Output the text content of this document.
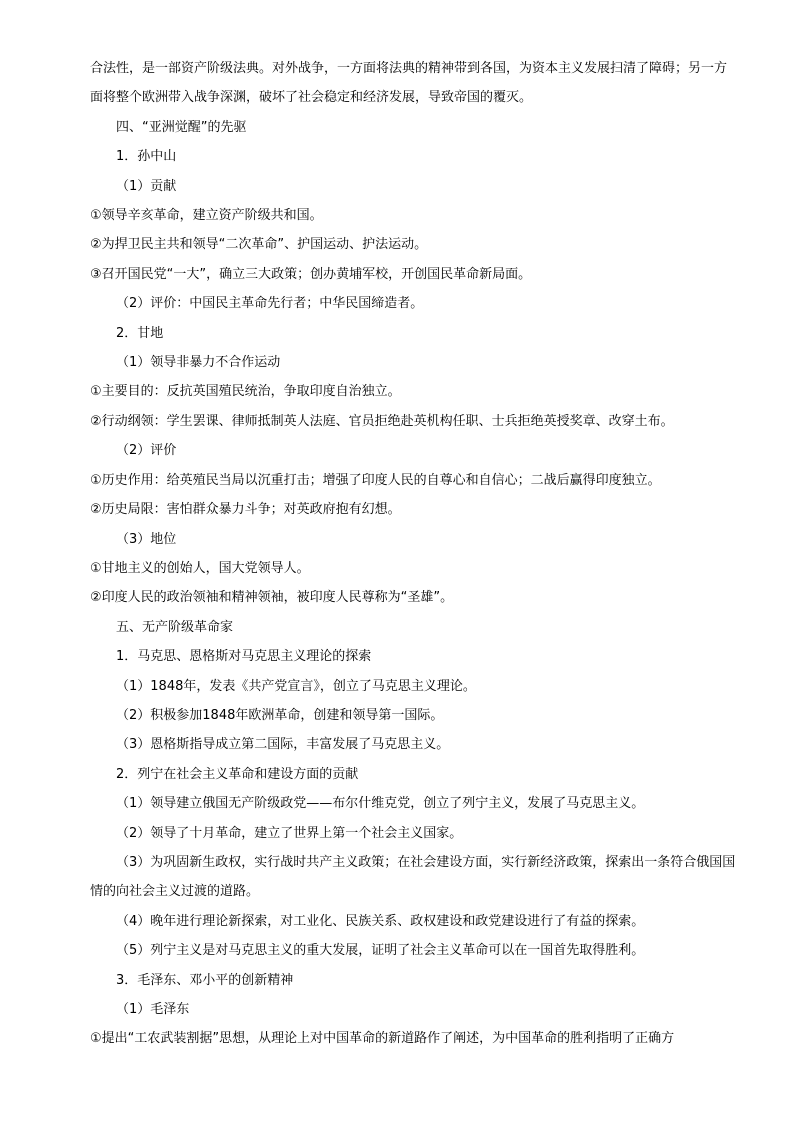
合法性，是一部资产阶级法典。对外战争，一方面将法典的精神带到各国，为资本主义发展扫清了障碍；另一方面将整个欧洲带入战争深渊，破坏了社会稳定和经济发展，导致帝国的覆灭。

四、“亚洲觉醒”的先驱

1．孙中山

（1）贡献

①领导辛亥革命，建立资产阶级共和国。

②为捍卫民主共和领导“二次革命”、护国运动、护法运动。

③召开国民党“一大”，确立三大政策；创办黄埔军校，开创国民革命新局面。

（2）评价：中国民主革命先行者；中华民国缔造者。

2．甘地

（1）领导非暴力不合作运动

①主要目的：反抗英国殖民统治，争取印度自治独立。

②行动纲领：学生罢课、律师抵制英人法庭、官员拒绝赴英机构任职、士兵拒绝英授奖章、改穿土布。

（2）评价

①历史作用：给英殖民当局以沉重打击；增强了印度人民的自尊心和自信心；二战后赢得印度独立。

②历史局限：害怕群众暴力斗争；对英政府抱有幻想。

（3）地位

①甘地主义的创始人，国大党领导人。

②印度人民的政治领袖和精神领袖，被印度人民尊称为“圣雄”。

五、无产阶级革命家

1．马克思、恩格斯对马克思主义理论的探索

（1）1848年，发表《共产党宣言》，创立了马克思主义理论。

（2）积极参加1848年欧洲革命，创建和领导第一国际。

（3）恩格斯指导成立第二国际，丰富发展了马克思主义。

2．列宁在社会主义革命和建设方面的贡献

（1）领导建立俄国无产阶级政党——布尔什维克党，创立了列宁主义，发展了马克思主义。

（2）领导了十月革命，建立了世界上第一个社会主义国家。

（3）为巩固新生政权，实行战时共产主义政策；在社会建设方面，实行新经济政策，探索出一条符合俄国国情的向社会主义过渡的道路。

（4）晚年进行理论新探索，对工业化、民族关系、政权建设和政党建设进行了有益的探索。

（5）列宁主义是对马克思主义的重大发展，证明了社会主义革命可以在一国首先取得胜利。

3．毛泽东、邓小平的创新精神

（1）毛泽东

①提出“工农武装割据”思想，从理论上对中国革命的新道路作了阐述，为中国革命的胜利指明了正确方
